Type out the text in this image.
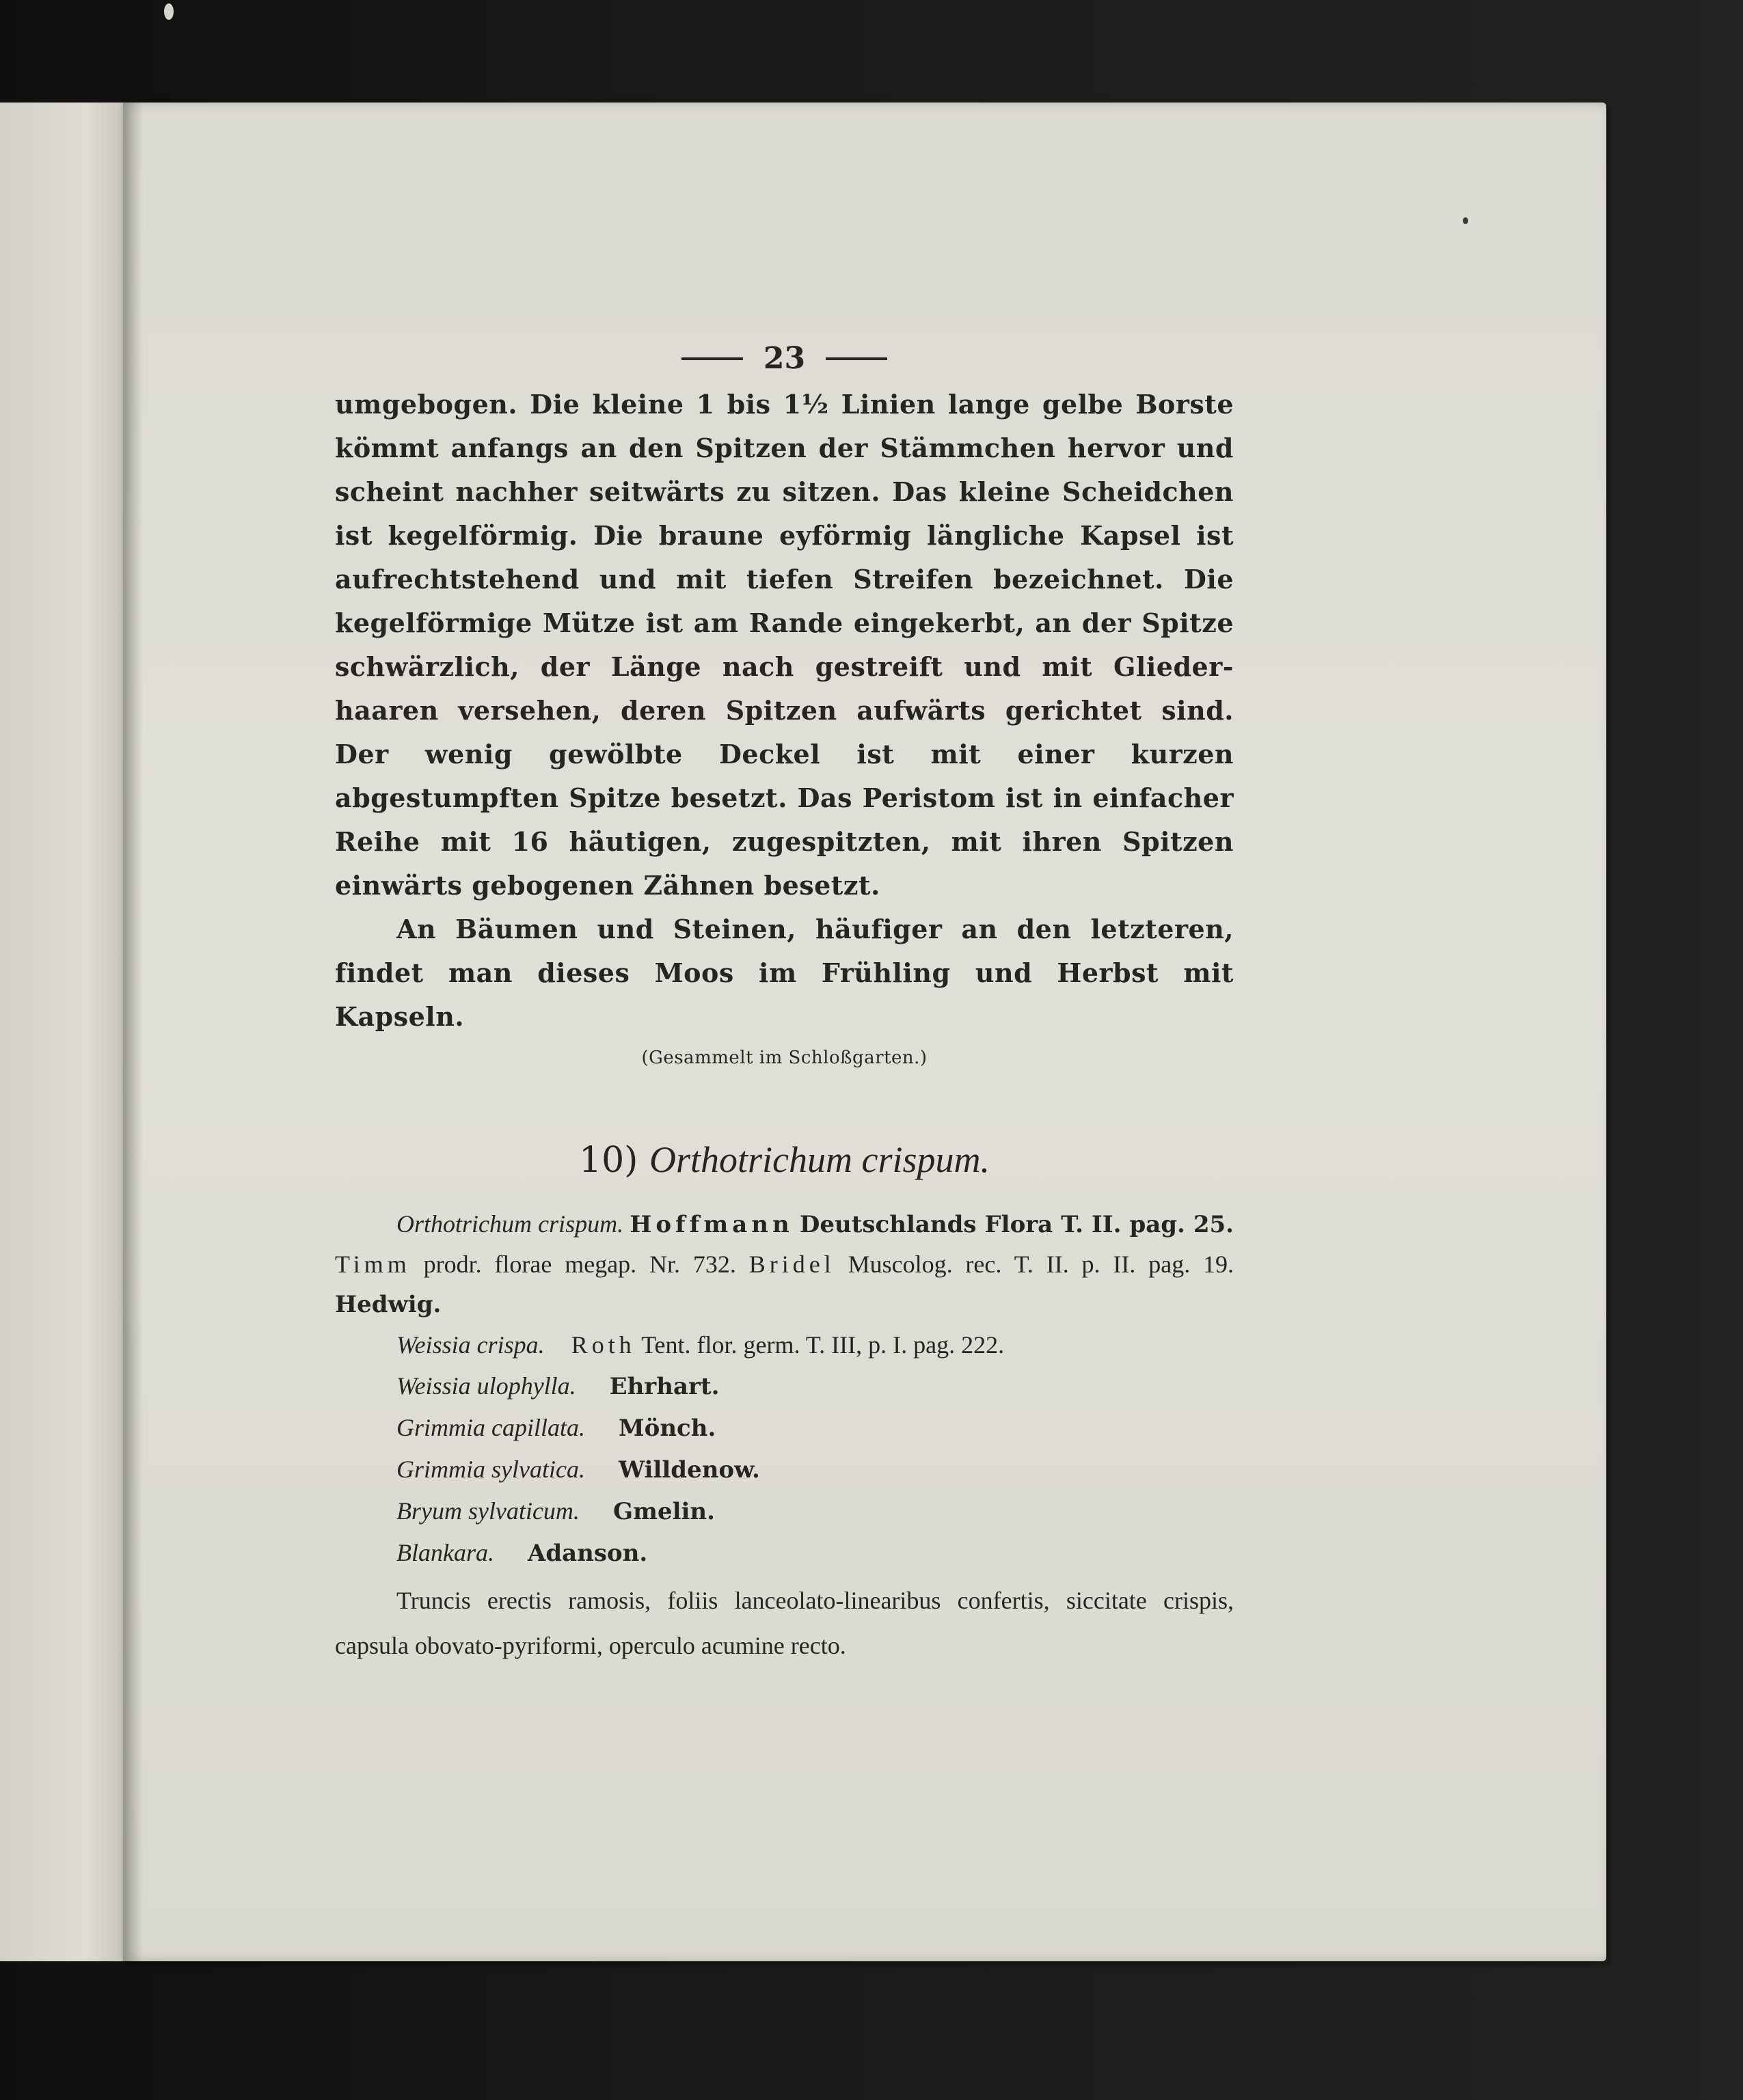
23

umgebogen. Die kleine 1 bis 1½ Linien lange gelbe Borste kömmt anfangs an den Spitzen der Stämmchen hervor und scheint nachher seitwärts zu sitzen. Das kleine Scheidchen ist kegelförmig. Die braune eyförmig längliche Kapsel ist aufrechtstehend und mit tiefen Streifen bezeichnet. Die kegelförmige Mütze ist am Rande eingekerbt, an der Spitze schwärzlich, der Länge nach gestreift und mit Glieder-haaren versehen, deren Spitzen aufwärts gerichtet sind. Der wenig gewölbte Deckel ist mit einer kurzen abgestumpften Spitze besetzt. Das Peristom ist in einfacher Reihe mit 16 häutigen, zugespitzten, mit ihren Spitzen einwärts gebogenen Zähnen besetzt.

An Bäumen und Steinen, häufiger an den letzteren, findet man dieses Moos im Frühling und Herbst mit Kapseln.

(Gesammelt im Schloßgarten.)
10) Orthotrichum crispum.

Orthotrichum crispum. Hoffmann Deutschlands Flora T. II. pag. 25. Timm prodr. florae megap. Nr. 732. Bridel Muscolog. rec. T. II. p. II. pag. 19. Hedwig.

Weissia crispa. Roth Tent. flor. germ. T. III, p. I. pag. 222.

Weissia ulophylla. Ehrhart.

Grimmia capillata. Mönch.

Grimmia sylvatica. Willdenow.

Bryum sylvaticum. Gmelin.

Blankara. Adanson.

Truncis erectis ramosis, foliis lanceolato-linearibus confertis, siccitate crispis, capsula obovato-pyriformi, operculo acumine recto.
